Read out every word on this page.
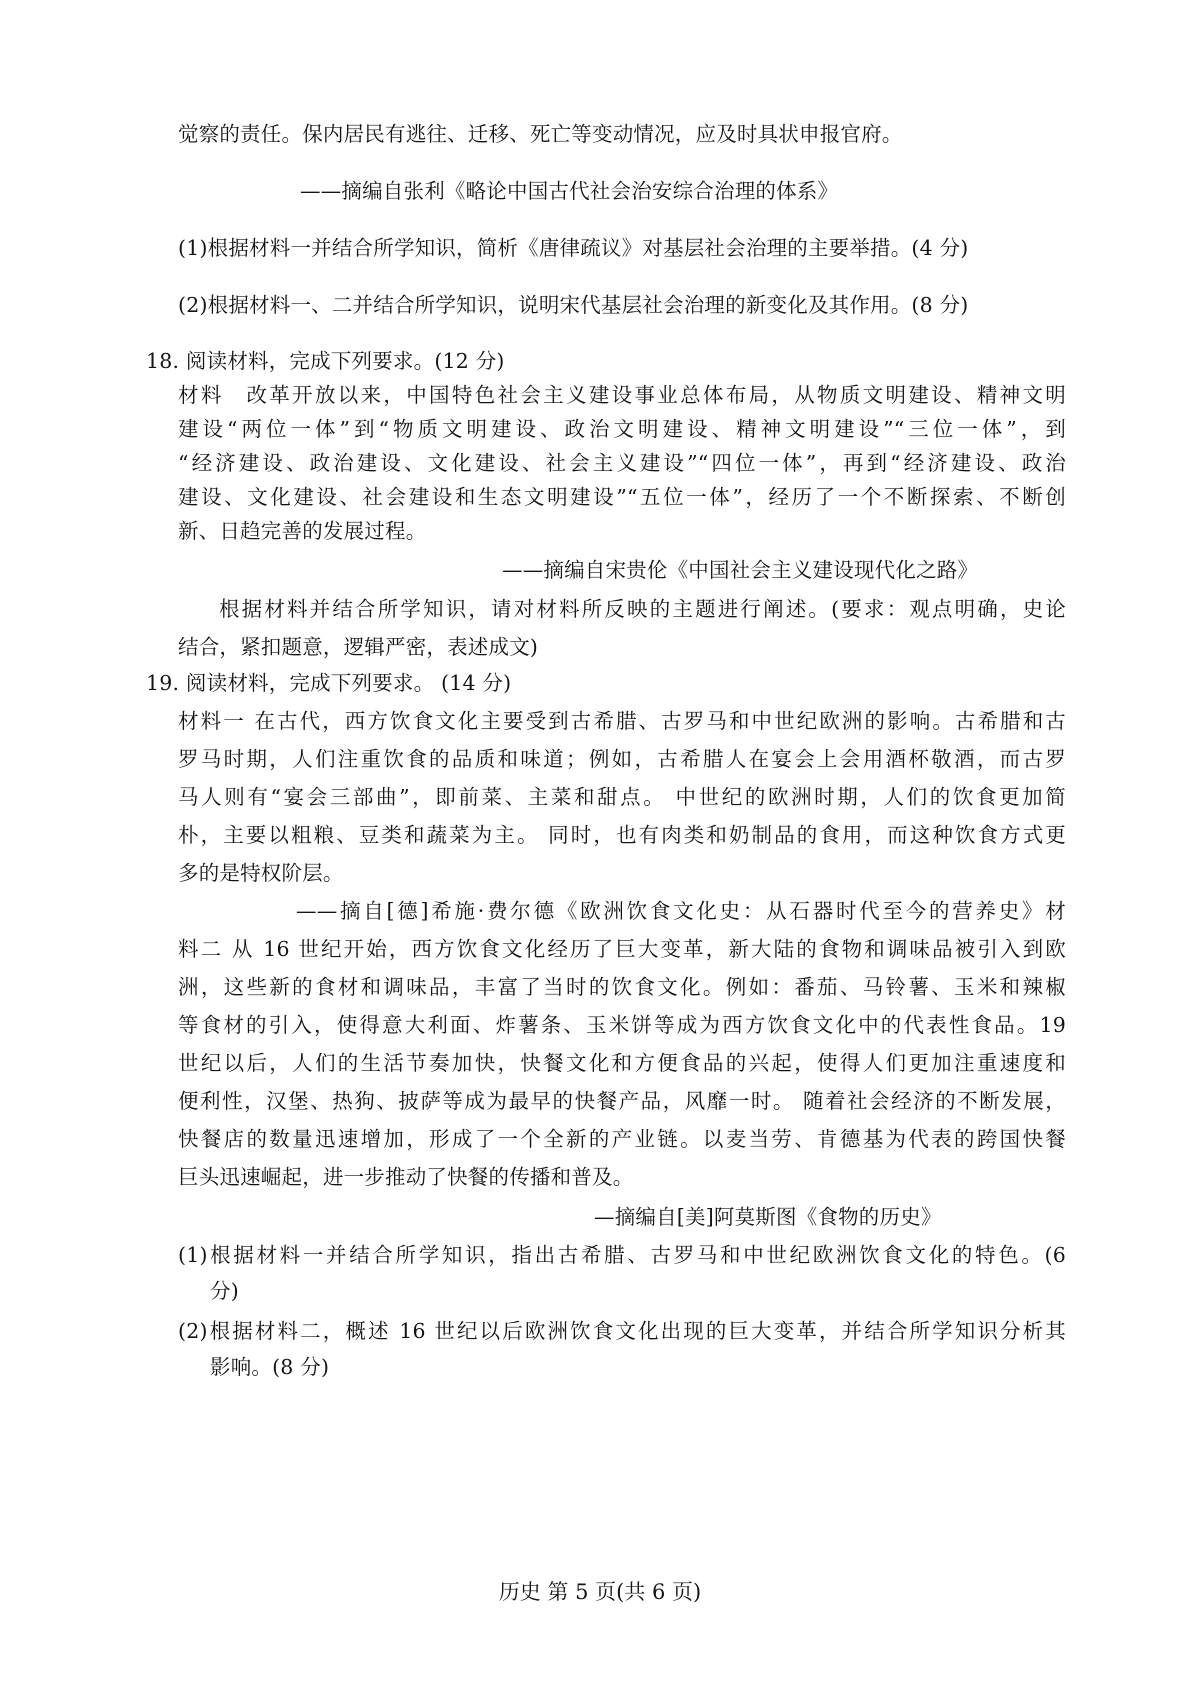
觉察的责任。保内居民有逃往、迁移、死亡等变动情况，应及时具状申报官府。
——摘编自张利《略论中国古代社会治安综合治理的体系》
(1)根据材料一并结合所学知识，简析《唐律疏议》对基层社会治理的主要举措。(4 分)
(2)根据材料一、二并结合所学知识，说明宋代基层社会治理的新变化及其作用。(8 分)
18. 阅读材料，完成下列要求。(12 分)
材料　改革开放以来，中国特色社会主义建设事业总体布局，从物质文明建设、精神文明
建设“两位一体”到“物质文明建设、政治文明建设、精神文明建设”“三位一体”，到
“经济建设、政治建设、文化建设、社会主义建设”“四位一体”，再到“经济建设、政治
建设、文化建设、社会建设和生态文明建设”“五位一体”，经历了一个不断探索、不断创
新、日趋完善的发展过程。
——摘编自宋贵伦《中国社会主义建设现代化之路》
根据材料并结合所学知识，请对材料所反映的主题进行阐述。(要求：观点明确，史论
结合，紧扣题意，逻辑严密，表述成文)
19. 阅读材料，完成下列要求。 (14 分)
材料一 在古代，西方饮食文化主要受到古希腊、古罗马和中世纪欧洲的影响。古希腊和古
罗马时期，人们注重饮食的品质和味道；例如，古希腊人在宴会上会用酒杯敬酒，而古罗
马人则有“宴会三部曲”，即前菜、主菜和甜点。 中世纪的欧洲时期，人们的饮食更加简
朴，主要以粗粮、豆类和蔬菜为主。 同时，也有肉类和奶制品的食用，而这种饮食方式更
多的是特权阶层。
——摘自[德]希施·费尔德《欧洲饮食文化史：从石器时代至今的营养史》材
料二 从 16 世纪开始，西方饮食文化经历了巨大变革，新大陆的食物和调味品被引入到欧
洲，这些新的食材和调味品，丰富了当时的饮食文化。例如：番茄、马铃薯、玉米和辣椒
等食材的引入，使得意大利面、炸薯条、玉米饼等成为西方饮食文化中的代表性食品。19
世纪以后，人们的生活节奏加快，快餐文化和方便食品的兴起，使得人们更加注重速度和
便利性，汉堡、热狗、披萨等成为最早的快餐产品，风靡一时。 随着社会经济的不断发展，
快餐店的数量迅速增加，形成了一个全新的产业链。以麦当劳、肯德基为代表的跨国快餐
巨头迅速崛起，进一步推动了快餐的传播和普及。
—摘编自[美]阿莫斯图《食物的历史》
(1)根据材料一并结合所学知识，指出古希腊、古罗马和中世纪欧洲饮食文化的特色。(6
分)
(2)根据材料二，概述 16 世纪以后欧洲饮食文化出现的巨大变革，并结合所学知识分析其
影响。(8 分)
历史 第 5 页(共 6 页)
